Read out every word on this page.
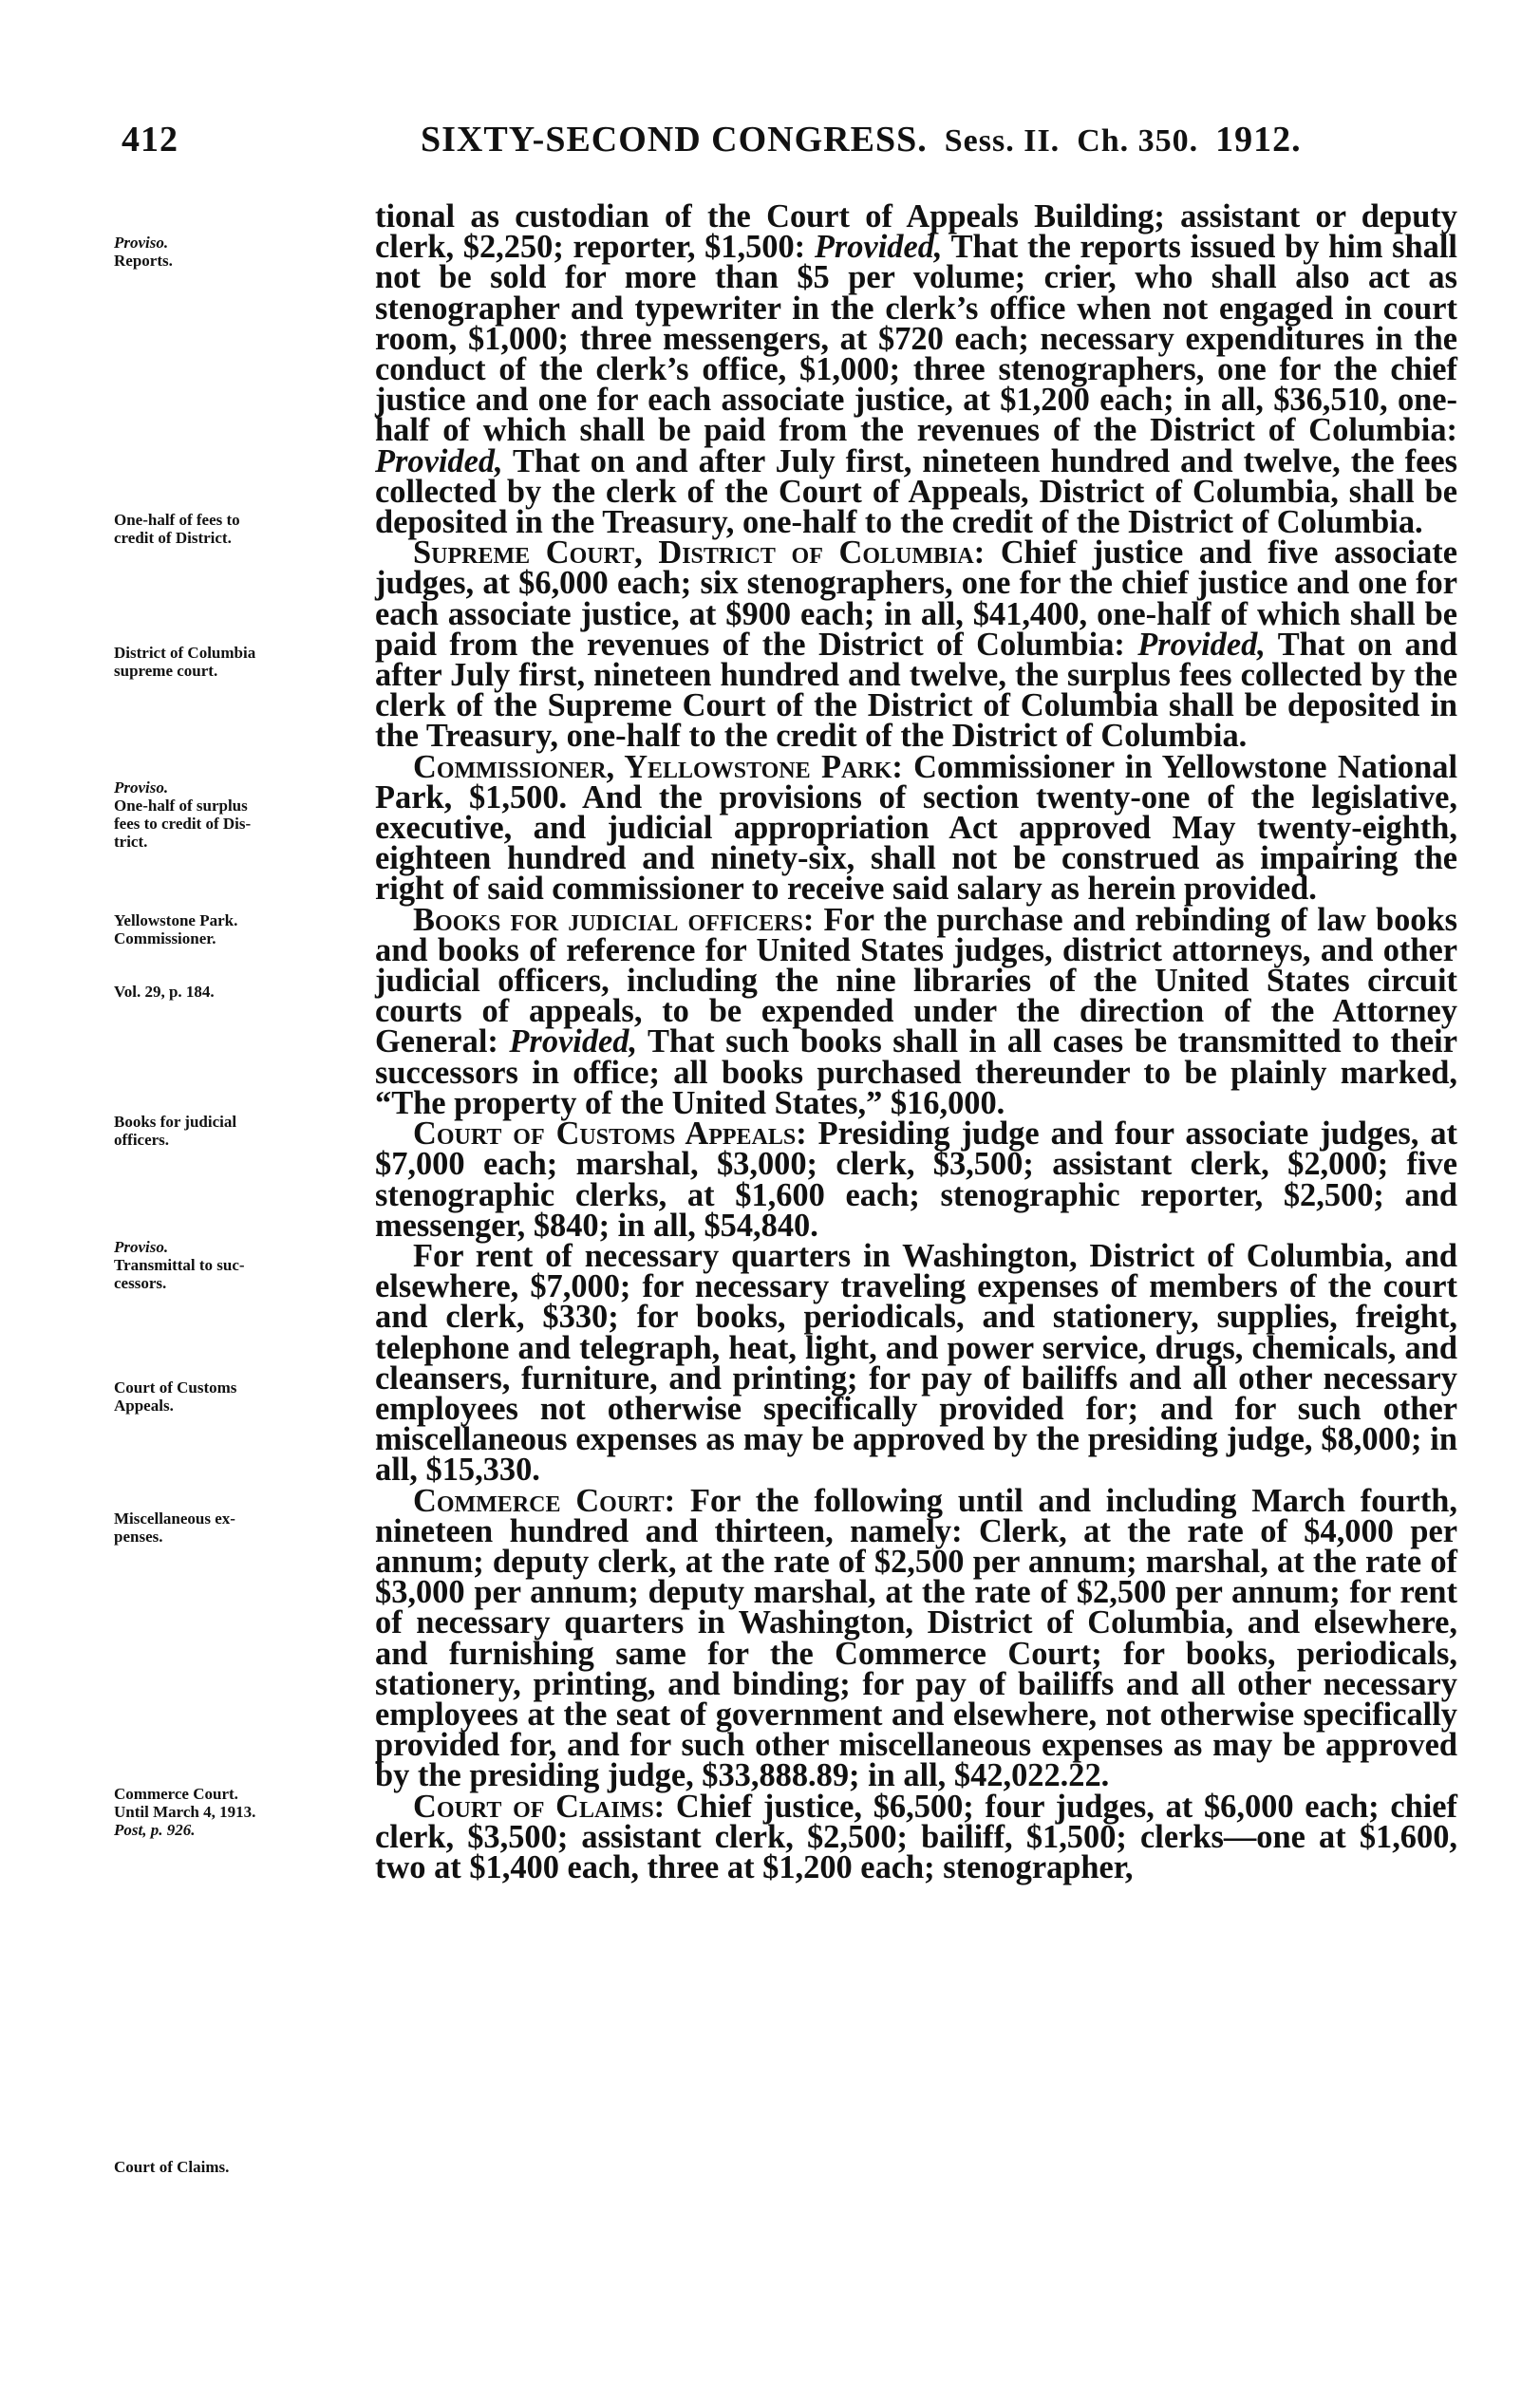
412	SIXTY-SECOND CONGRESS. Sess. II. Ch. 350. 1912.
Proviso.
Reports.
One-half of fees to
credit of District.
District of Columbia
supreme court.
Proviso.
One-half of surplus
fees to credit of Dis-
trict.
Yellowstone Park.
Commissioner.
Vol. 29, p. 184.
Books for judicial
officers.
Proviso.
Transmittal to suc-
cessors.
Court of Customs
Appeals.
Miscellaneous ex-
penses.
Commerce Court.
Until March 4, 1913.
Post, p. 926.
Court of Claims.

tional as custodian of the Court of Appeals Building; assistant or deputy clerk, $2,250; reporter, $1,500: Provided, That the reports issued by him shall not be sold for more than $5 per volume; crier, who shall also act as stenographer and typewriter in the clerk’s office when not engaged in court room, $1,000; three messengers, at $720 each; necessary expenditures in the conduct of the clerk’s office, $1,000; three stenographers, one for the chief justice and one for each associate justice, at $1,200 each; in all, $36,510, one-half of which shall be paid from the revenues of the District of Columbia: Provided, That on and after July first, nineteen hundred and twelve, the fees collected by the clerk of the Court of Appeals, District of Columbia, shall be deposited in the Treasury, one-half to the credit of the District of Columbia.

Supreme Court, District of Columbia: Chief justice and five associate judges, at $6,000 each; six stenographers, one for the chief justice and one for each associate justice, at $900 each; in all, $41,400, one-half of which shall be paid from the revenues of the District of Columbia: Provided, That on and after July first, nineteen hundred and twelve, the surplus fees collected by the clerk of the Supreme Court of the District of Columbia shall be deposited in the Treasury, one-half to the credit of the District of Columbia.

Commissioner, Yellowstone Park: Commissioner in Yellowstone National Park, $1,500. And the provisions of section twenty-one of the legislative, executive, and judicial appropriation Act approved May twenty-eighth, eighteen hundred and ninety-six, shall not be construed as impairing the right of said commissioner to receive said salary as herein provided.

Books for judicial officers: For the purchase and rebinding of law books and books of reference for United States judges, district attorneys, and other judicial officers, including the nine libraries of the United States circuit courts of appeals, to be expended under the direction of the Attorney General: Provided, That such books shall in all cases be transmitted to their successors in office; all books purchased thereunder to be plainly marked, “The property of the United States,” $16,000.

Court of Customs Appeals: Presiding judge and four associate judges, at $7,000 each; marshal, $3,000; clerk, $3,500; assistant clerk, $2,000; five stenographic clerks, at $1,600 each; stenographic reporter, $2,500; and messenger, $840; in all, $54,840.

For rent of necessary quarters in Washington, District of Columbia, and elsewhere, $7,000; for necessary traveling expenses of members of the court and clerk, $330; for books, periodicals, and stationery, supplies, freight, telephone and telegraph, heat, light, and power service, drugs, chemicals, and cleansers, furniture, and printing; for pay of bailiffs and all other necessary employees not otherwise specifically provided for; and for such other miscellaneous expenses as may be approved by the presiding judge, $8,000; in all, $15,330.

Commerce Court: For the following until and including March fourth, nineteen hundred and thirteen, namely: Clerk, at the rate of $4,000 per annum; deputy clerk, at the rate of $2,500 per annum; marshal, at the rate of $3,000 per annum; deputy marshal, at the rate of $2,500 per annum; for rent of necessary quarters in Washington, District of Columbia, and elsewhere, and furnishing same for the Commerce Court; for books, periodicals, stationery, printing, and binding; for pay of bailiffs and all other necessary employees at the seat of government and elsewhere, not otherwise specifically provided for, and for such other miscellaneous expenses as may be approved by the presiding judge, $33,888.89; in all, $42,022.22.

Court of Claims: Chief justice, $6,500; four judges, at $6,000 each; chief clerk, $3,500; assistant clerk, $2,500; bailiff, $1,500; clerks—one at $1,600, two at $1,400 each, three at $1,200 each; stenographer,
